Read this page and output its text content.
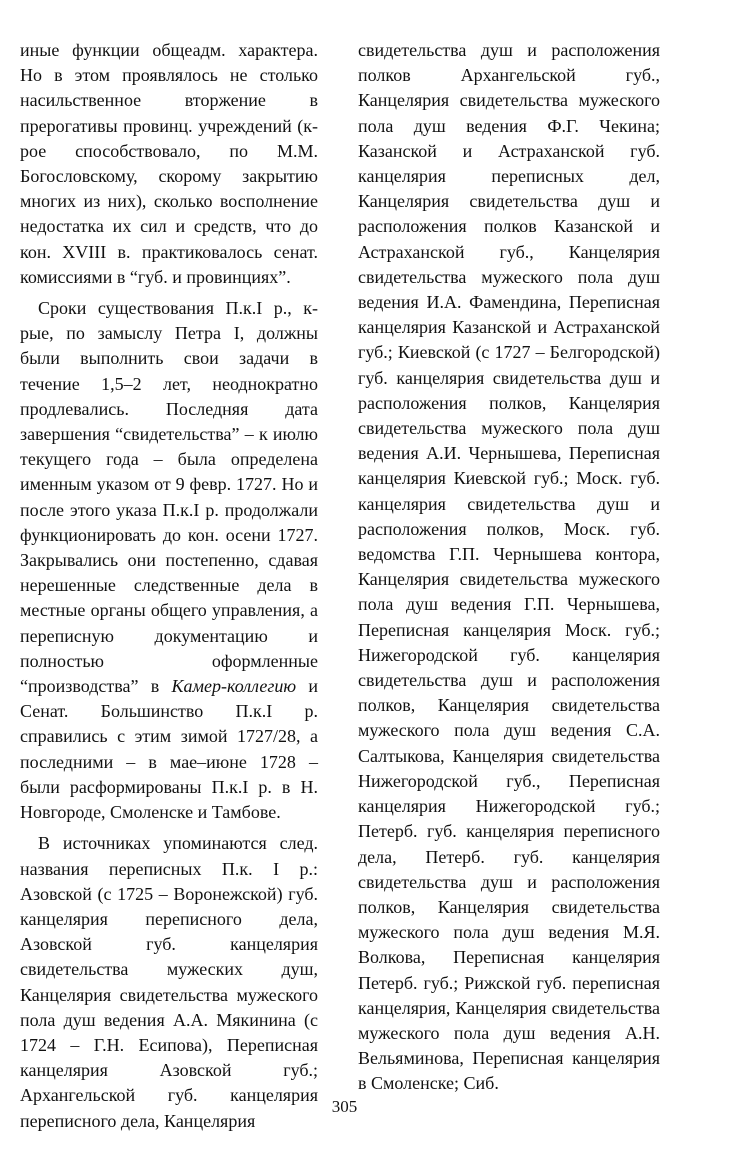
иные функции общеадм. характера. Но в этом проявлялось не столько насильственное вторжение в прерогативы провинц. учреждений (к-рое способствовало, по М.М. Богословскому, скорому закрытию многих из них), сколько восполнение недостатка их сил и средств, что до кон. XVIII в. практиковалось сенат. комиссиями в “губ. и провинциях”.

Сроки существования П.к.I р., к-рые, по замыслу Петра I, должны были выполнить свои задачи в течение 1,5–2 лет, неоднократно продлевались. Последняя дата завершения “свидетельства” – к июлю текущего года – была определена именным указом от 9 февр. 1727. Но и после этого указа П.к.I р. продолжали функционировать до кон. осени 1727. Закрывались они постепенно, сдавая нерешенные следственные дела в местные органы общего управления, а переписную документацию и полностью оформленные “производства” в Камер-коллегию и Сенат. Большинство П.к.I р. справились с этим зимой 1727/28, а последними – в мае–июне 1728 – были расформированы П.к.I р. в Н. Новгороде, Смоленске и Тамбове.

В источниках упоминаются след. названия переписных П.к. I р.: Азовской (с 1725 – Воронежской) губ. канцелярия переписного дела, Азовской губ. канцелярия свидетельства мужеских душ, Канцелярия свидетельства мужеского пола душ ведения А.А. Мякинина (с 1724 – Г.Н. Есипова), Переписная канцелярия Азовской губ.; Архангельской губ. канцелярия переписного дела, Канцелярия

свидетельства душ и расположения полков Архангельской губ., Канцелярия свидетельства мужеского пола душ ведения Ф.Г. Чекина; Казанской и Астраханской губ. канцелярия переписных дел, Канцелярия свидетельства душ и расположения полков Казанской и Астраханской губ., Канцелярия свидетельства мужеского пола душ ведения И.А. Фамендина, Переписная канцелярия Казанской и Астраханской губ.; Киевской (с 1727 – Белгородской) губ. канцелярия свидетельства душ и расположения полков, Канцелярия свидетельства мужеского пола душ ведения А.И. Чернышева, Переписная канцелярия Киевской губ.; Моск. губ. канцелярия свидетельства душ и расположения полков, Моск. губ. ведомства Г.П. Чернышева контора, Канцелярия свидетельства мужеского пола душ ведения Г.П. Чернышева, Переписная канцелярия Моск. губ.; Нижегородской губ. канцелярия свидетельства душ и расположения полков, Канцелярия свидетельства мужеского пола душ ведения С.А. Салтыкова, Канцелярия свидетельства Нижегородской губ., Переписная канцелярия Нижегородской губ.; Петерб. губ. канцелярия переписного дела, Петерб. губ. канцелярия свидетельства душ и расположения полков, Канцелярия свидетельства мужеского пола душ ведения М.Я. Волкова, Переписная канцелярия Петерб. губ.; Рижской губ. переписная канцелярия, Канцелярия свидетельства мужеского пола душ ведения А.Н. Вельяминова, Переписная канцелярия в Смоленске; Сиб.

305
